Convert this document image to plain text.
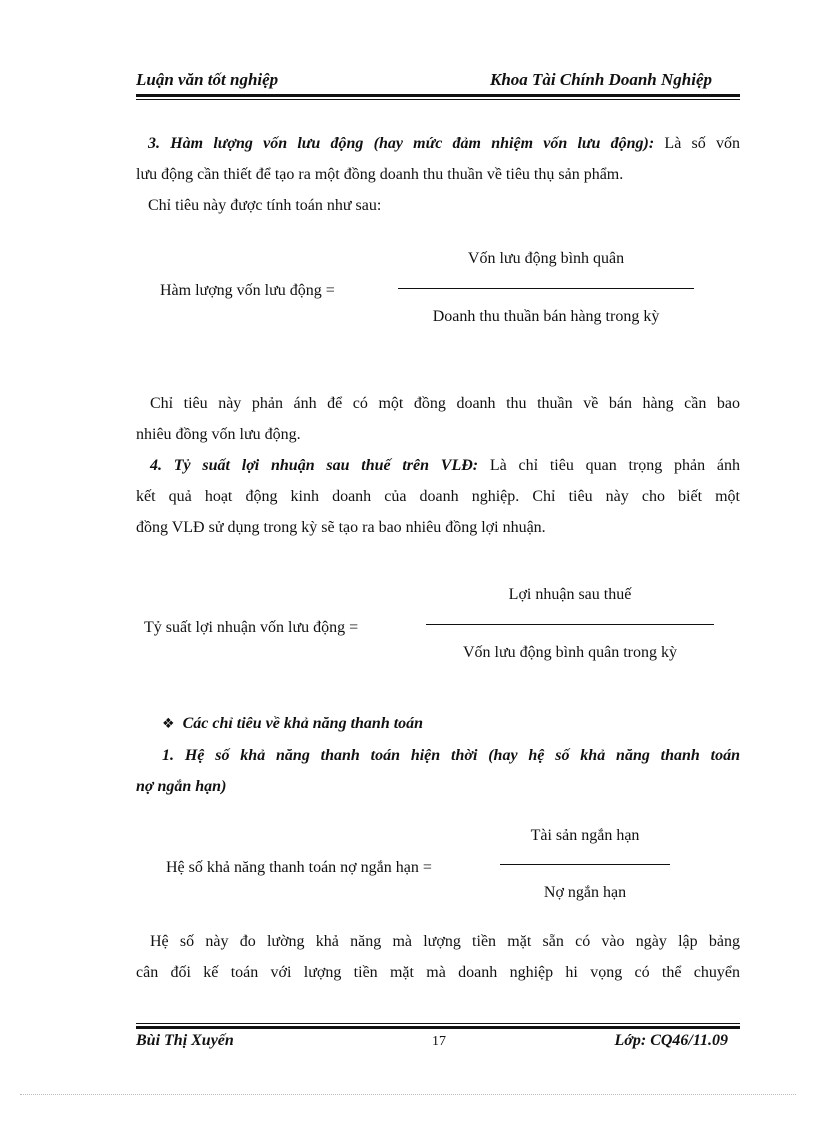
Luận văn tốt nghiệp	Khoa Tài Chính Doanh Nghiệp
3. Hàm lượng vốn lưu động (hay mức đảm nhiệm vốn lưu động): Là số vốn
lưu động cần thiết để tạo ra một đồng doanh thu thuần về tiêu thụ sản phẩm.
Chỉ tiêu này được tính toán như sau:
Hàm lượng vốn lưu động =
Vốn lưu động bình quân
Doanh thu thuần bán hàng trong kỳ
Chỉ tiêu này phản ánh để có một đồng doanh thu thuần về bán hàng cần bao
nhiêu đồng vốn lưu động.
4. Tỷ suất lợi nhuận sau thuế trên VLĐ: Là chỉ tiêu quan trọng phản ánh
kết quả hoạt động kinh doanh của doanh nghiệp. Chỉ tiêu này cho biết một
đồng VLĐ sử dụng trong kỳ sẽ tạo ra bao nhiêu đồng lợi nhuận.
Tỷ suất lợi nhuận vốn lưu động =
Lợi nhuận sau thuế
Vốn lưu động bình quân trong kỳ
❖ Các chỉ tiêu về khả năng thanh toán
1. Hệ số khả năng thanh toán hiện thời (hay hệ số khả năng thanh toán
nợ ngắn hạn)
Hệ số khả năng thanh toán nợ ngắn hạn =
Tài sản ngắn hạn
Nợ ngắn hạn
Hệ số này đo lường khả năng mà lượng tiền mặt sẵn có vào ngày lập bảng
cân đối kế toán với lượng tiền mặt mà doanh nghiệp hi vọng có thể chuyển
Bùi Thị Xuyến	17	Lớp: CQ46/11.09
